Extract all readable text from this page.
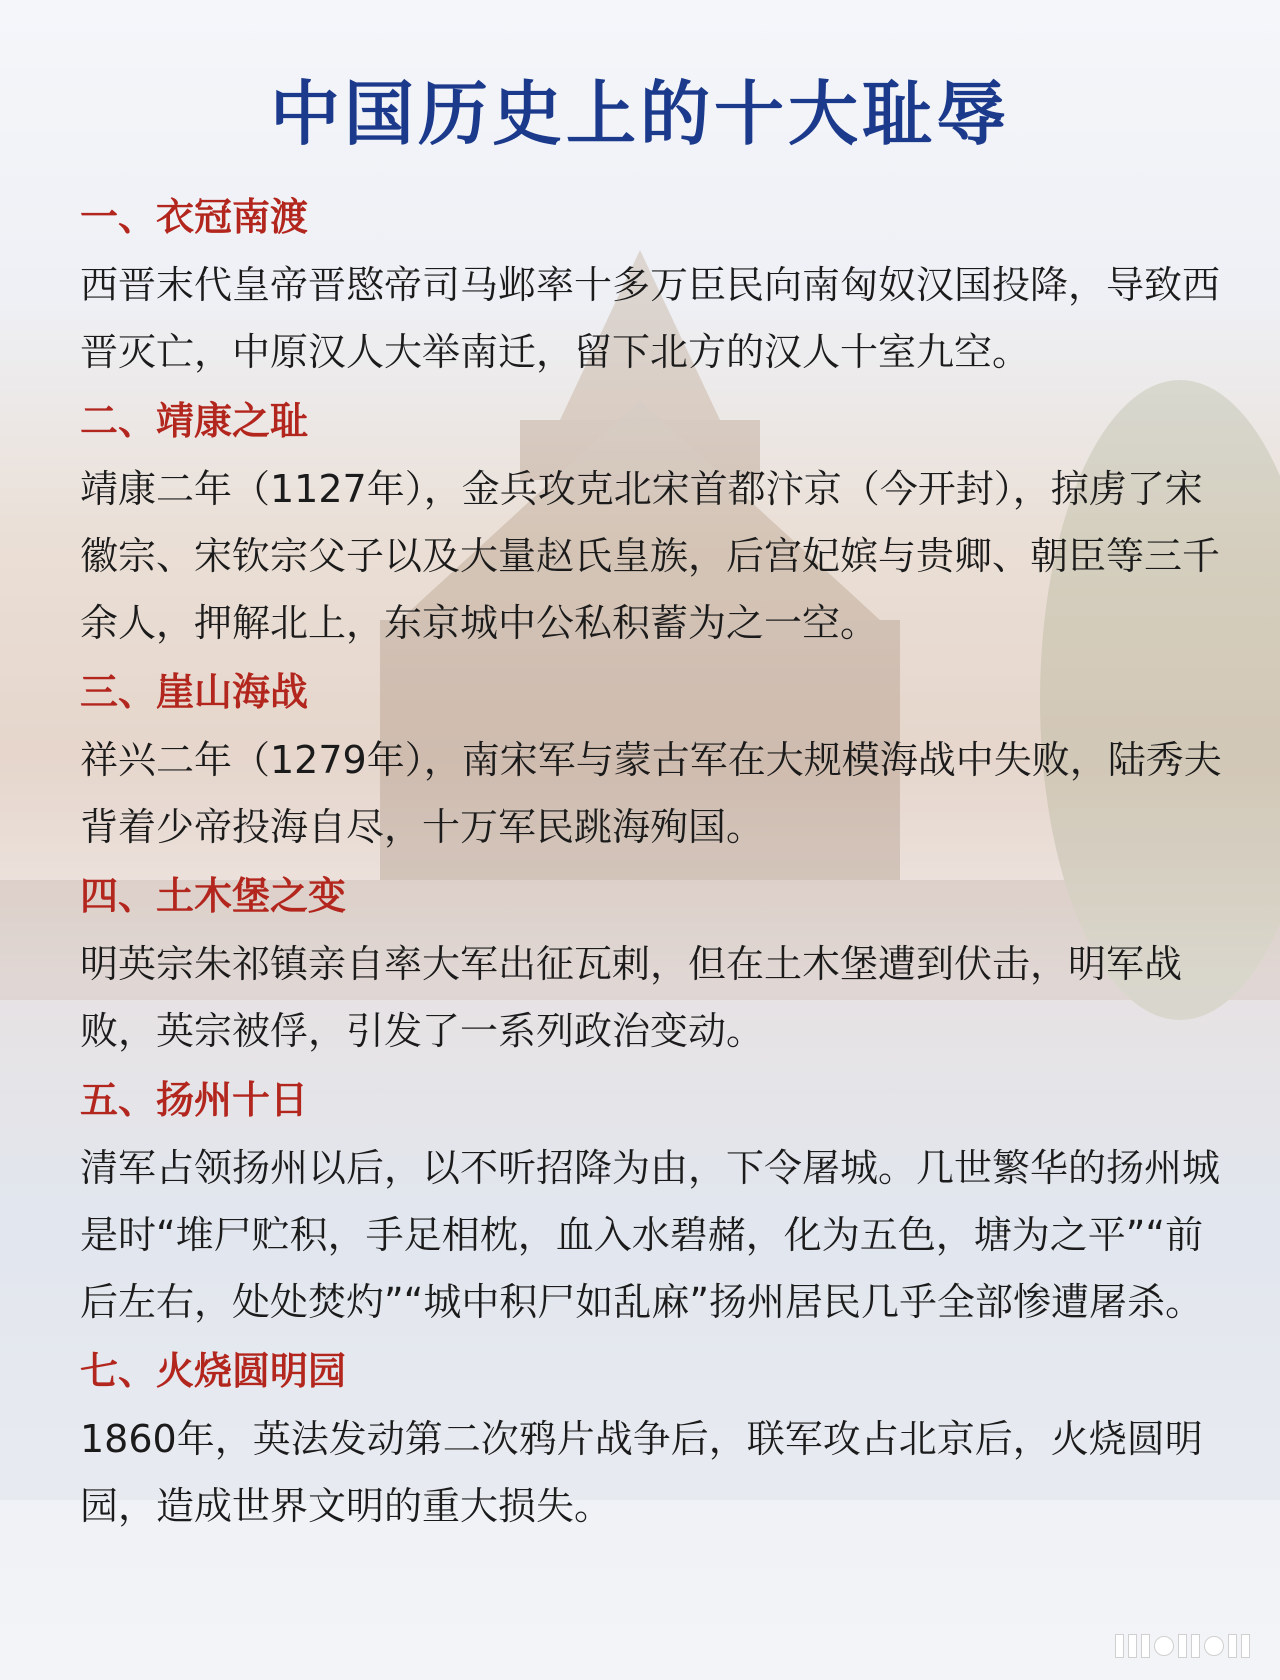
中国历史上的十大耻辱
一、衣冠南渡
西晋末代皇帝晋愍帝司马邺率十多万臣民向南匈奴汉国投降，导致西晋灭亡，中原汉人大举南迁，留下北方的汉人十室九空。
二、靖康之耻
靖康二年（1127年），金兵攻克北宋首都汴京（今开封），掠虏了宋徽宗、宋钦宗父子以及大量赵氏皇族，后宫妃嫔与贵卿、朝臣等三千余人，押解北上，东京城中公私积蓄为之一空。
三、崖山海战
祥兴二年（1279年），南宋军与蒙古军在大规模海战中失败，陆秀夫背着少帝投海自尽，十万军民跳海殉国。
四、土木堡之变
明英宗朱祁镇亲自率大军出征瓦剌，但在土木堡遭到伏击，明军战败，英宗被俘，引发了一系列政治变动。
五、扬州十日
清军占领扬州以后，以不听招降为由，下令屠城。几世繁华的扬州城是时“堆尸贮积，手足相枕，血入水碧赭，化为五色，塘为之平”“前后左右，处处焚灼”“城中积尸如乱麻”扬州居民几乎全部惨遭屠杀。
七、火烧圆明园
1860年，英法发动第二次鸦片战争后，联军攻占北京后，火烧圆明园，造成世界文明的重大损失。
